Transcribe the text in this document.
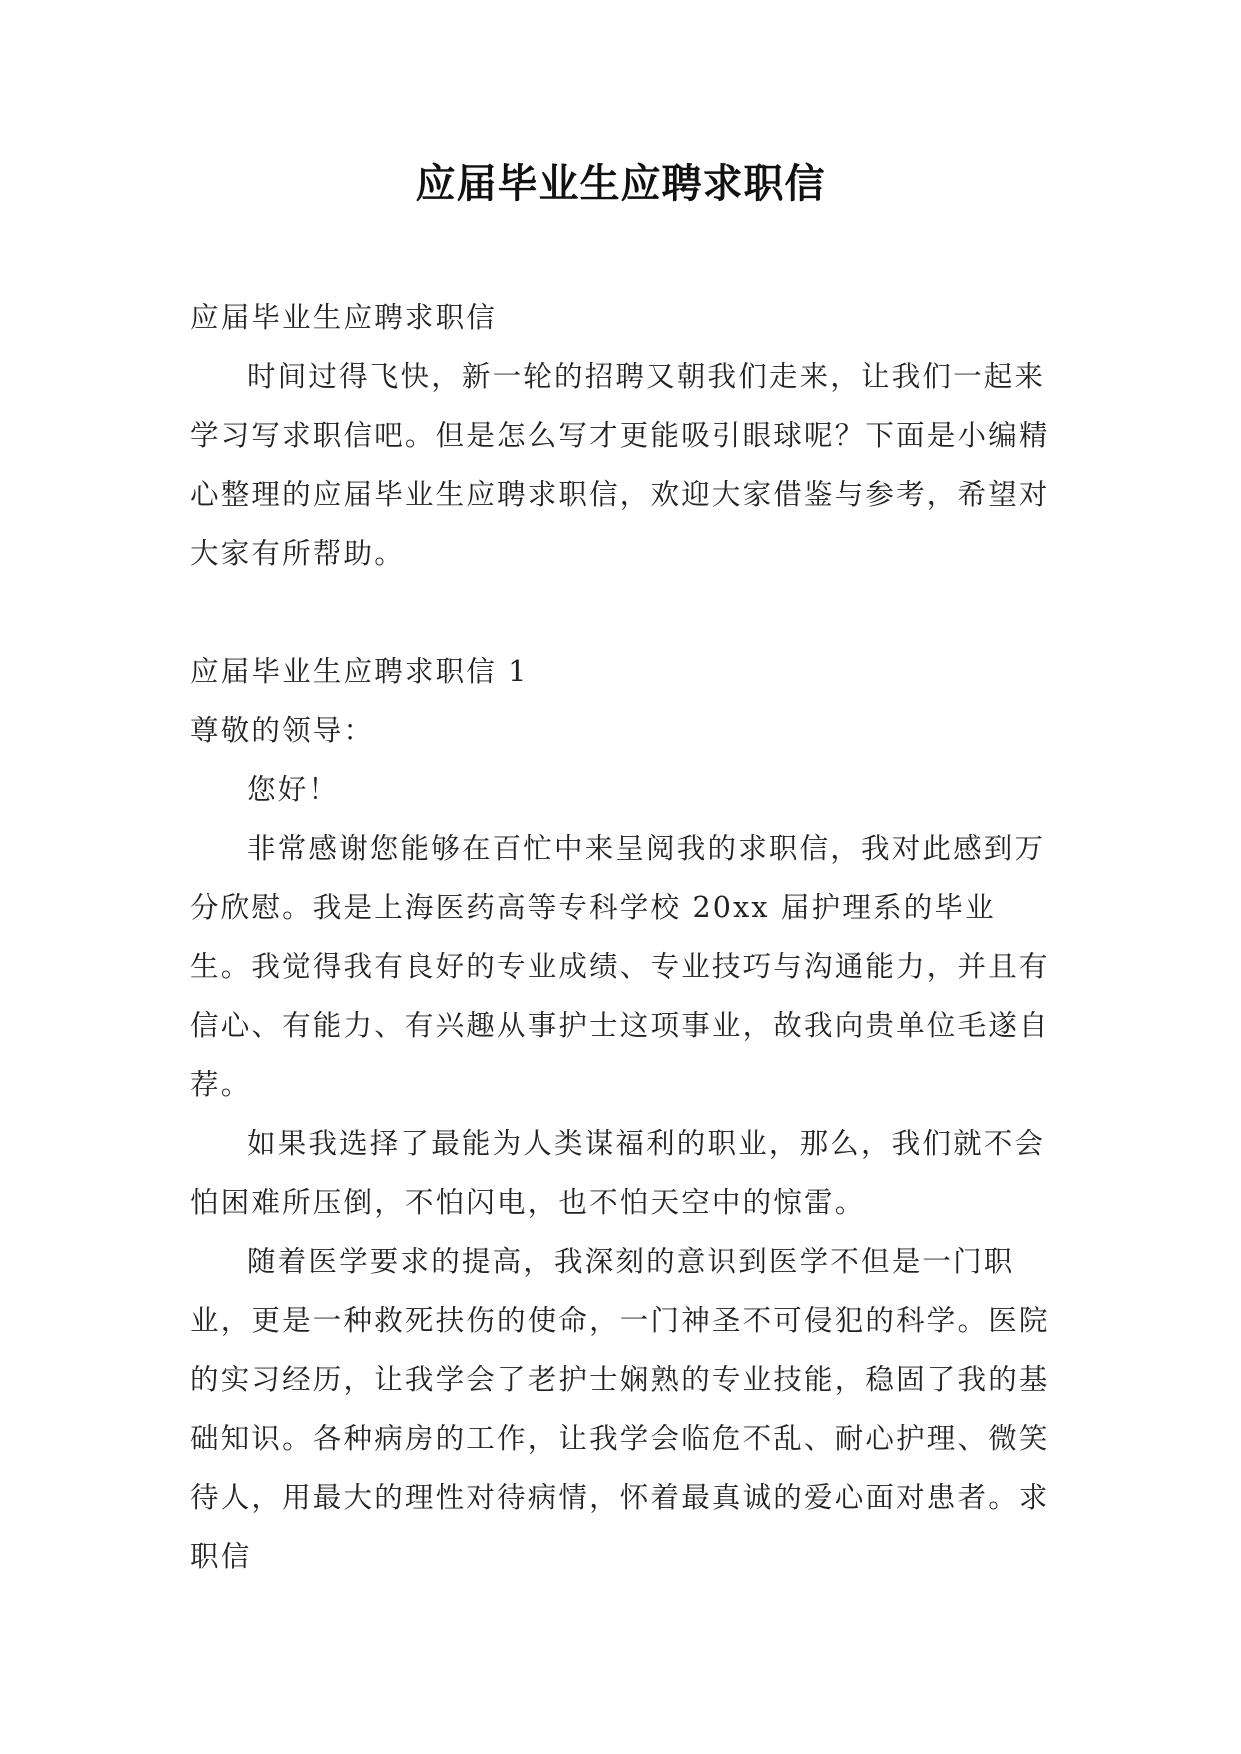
应届毕业生应聘求职信

应届毕业生应聘求职信

时间过得飞快，新一轮的招聘又朝我们走来，让我们一起来学习写求职信吧。但是怎么写才更能吸引眼球呢？下面是小编精心整理的应届毕业生应聘求职信，欢迎大家借鉴与参考，希望对大家有所帮助。

应届毕业生应聘求职信 1

尊敬的领导：

您好！

非常感谢您能够在百忙中来呈阅我的求职信，我对此感到万分欣慰。我是上海医药高等专科学校 20xx 届护理系的毕业生。我觉得我有良好的专业成绩、专业技巧与沟通能力，并且有信心、有能力、有兴趣从事护士这项事业，故我向贵单位毛遂自荐。

如果我选择了最能为人类谋福利的职业，那么，我们就不会怕困难所压倒，不怕闪电，也不怕天空中的惊雷。

随着医学要求的提高，我深刻的意识到医学不但是一门职业，更是一种救死扶伤的使命，一门神圣不可侵犯的科学。医院的实习经历，让我学会了老护士娴熟的专业技能，稳固了我的基础知识。各种病房的工作，让我学会临危不乱、耐心护理、微笑待人，用最大的理性对待病情，怀着最真诚的爱心面对患者。求职信
